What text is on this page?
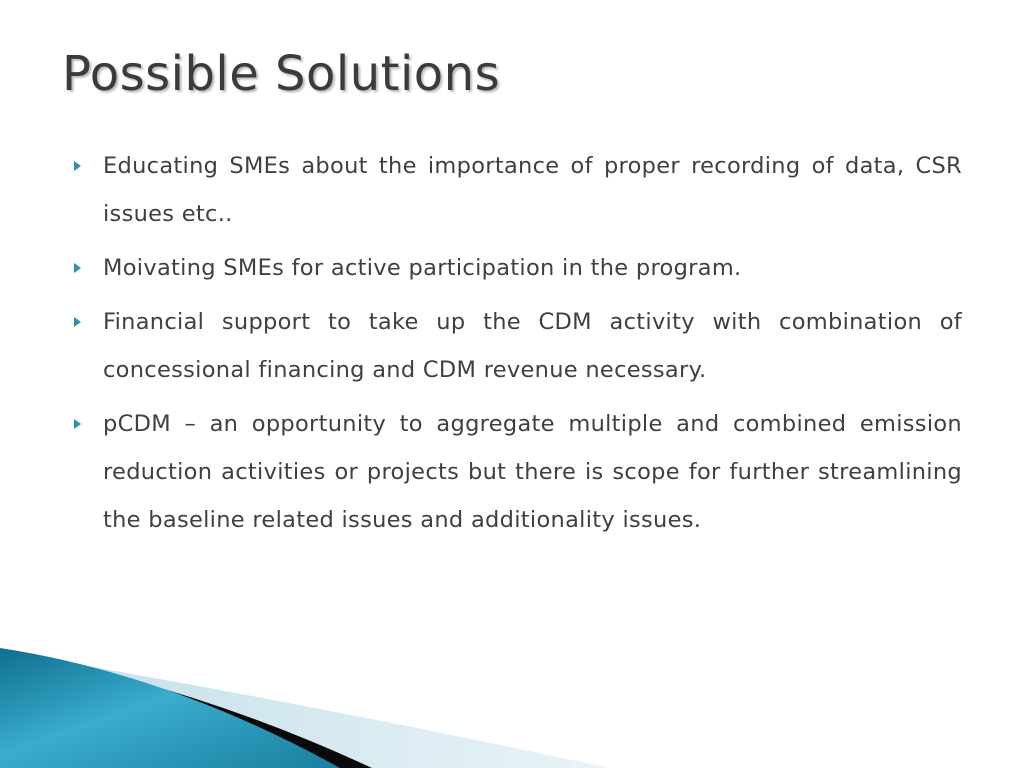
Possible Solutions
Educating SMEs about the importance of proper recording of data, CSR issues etc..
Moivating SMEs for active participation in the program.
Financial support to take up the CDM activity with combination of concessional financing and CDM revenue necessary.
pCDM – an opportunity to aggregate multiple and combined emission reduction activities or projects but there is scope for further streamlining the baseline related issues and additionality issues.
